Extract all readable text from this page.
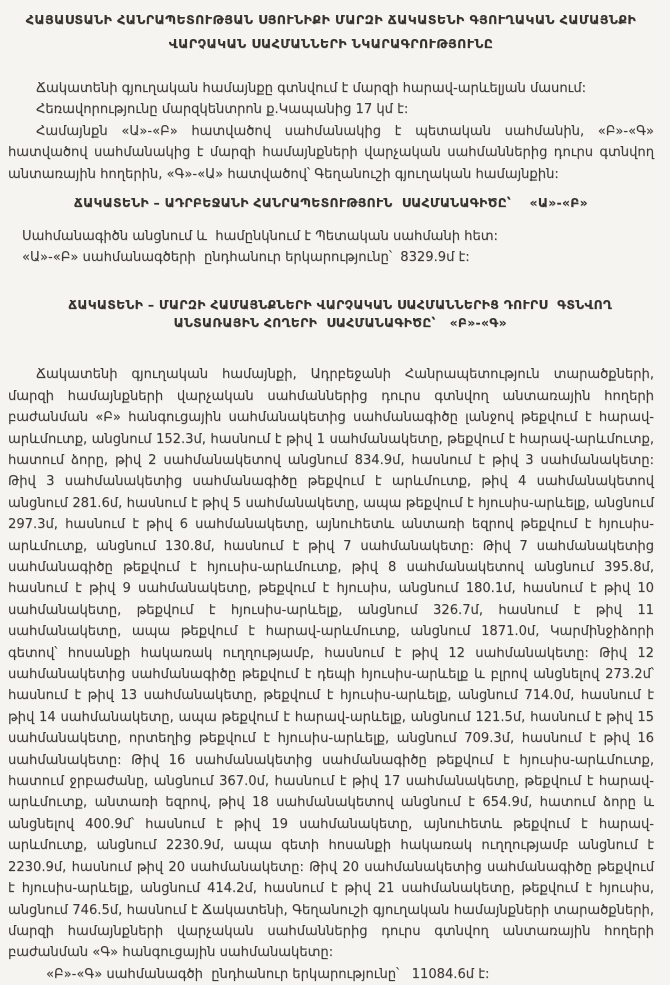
ՀԱՅԱՍՏԱՆԻ ՀԱՆՐԱՊԵՏՈՒԹՅԱՆ ՍՅՈՒՆԻՔԻ ՄԱՐԶԻ ՃԱԿԱՏԵՆԻ ԳՅՈՒՂԱԿԱՆ ՀԱՄԱՅՆՔԻ
ՎԱՐՉԱԿԱՆ ՍԱՀՄԱՆՆԵՐԻ ՆԿԱՐԱԳՐՈՒԹՅՈՒՆԸ

Ճակատենի գյուղական համայնքը գտնվում է մարզի հարավ-արևելյան մասում:

Հեռավորությունը մարզկենտրոն ք.Կապանից 17 կմ է:

Համայնքն «Ա»-«Բ» հատվածով սահմանակից է պետական սահմանին, «Բ»-«Գ» հատվածով սահմանակից է մարզի համայնքների վարչական սահմաններից դուրս գտնվող անտառային հողերին, «Գ»-«Ա» հատվածով՝ Գեղանուշի գյուղական համայնքին:

ՃԱԿԱՏԵՆԻ – ԱԴՐԲԵՋԱՆԻ ՀԱՆՐԱՊԵՏՈՒԹՅՈՒՆ  ՍԱՀՄԱՆԱԳԻԾԸ՝    «Ա»-«Բ»

Սահմանագիծն անցնում և  համընկնում է Պետական սահմանի հետ:

«Ա»-«Բ» սահմանագծերի  ընդհանուր երկարությունը՝  8329.9մ է:

ՃԱԿԱՏԵՆԻ – ՄԱՐԶԻ ՀԱՄԱՅՆՔՆԵՐԻ ՎԱՐՉԱԿԱՆ ՍԱՀՄԱՆՆԵՐԻՑ ԴՈՒՐՍ  ԳՏՆՎՈՂ
ԱՆՏԱՌԱՅԻՆ ՀՈՂԵՐԻ  ՍԱՀՄԱՆԱԳԻԾԸ՝   «Բ»-«Գ»

Ճակատենի գյուղական համայնքի, Ադրբեջանի Հանրապետություն տարածքների, մարզի համայնքների վարչական սահմաններից դուրս գտնվող անտառային հողերի բաժանման «Բ» հանգուցային սահմանակետից սահմանագիծը լանջով թեքվում է հարավ-արևմուտք, անցնում 152.3մ, հասնում է թիվ 1 սահմանակետը, թեքվում է հարավ-արևմուտք, հատում ձորը, թիվ 2 սահմանակետով անցնում 834.9մ, հասնում է թիվ 3 սահմանակետը: Թիվ 3 սահմանակետից սահմանագիծը թեքվում է արևմուտք, թիվ 4 սահմանակետով անցնում 281.6մ, հասնում է թիվ 5 սահմանակետը, ապա թեքվում է հյուսիս-արևելք, անցնում 297.3մ, հասնում է թիվ 6 սահմանակետը, այնուհետև անտառի եզրով թեքվում է հյուսիս-արևմուտք, անցնում 130.8մ, հասնում է թիվ 7 սահմանակետը: Թիվ 7 սահմանակետից սահմանագիծը թեքվում է հյուսիս-արևմուտք, թիվ 8 սահմանակետով անցնում 395.8մ, հասնում է թիվ 9 սահմանակետը, թեքվում է հյուսիս, անցնում 180.1մ, հասնում է թիվ 10 սահմանակետը, թեքվում է հյուսիս-արևելք, անցնում 326.7մ, հասնում է թիվ 11 սահմանակետը, ապա թեքվում է հարավ-արևմուտք, անցնում 1871.0մ, Կարմինջիձորի գետով՝ հոսանքի հակառակ ուղղությամբ, հասնում է թիվ 12 սահմանակետը: Թիվ 12 սահմանակետից սահմանագիծը թեքվում է դեպի հյուսիս-արևելք և բլրով անցնելով 273.2մ՝ հասնում է թիվ 13 սահմանակետը, թեքվում է հյուսիս-արևելք, անցնում 714.0մ, հասնում է թիվ 14 սահմանակետը, ապա թեքվում է հարավ-արևելք, անցնում 121.5մ, հասնում է թիվ 15 սահմանակետը, որտեղից թեքվում է հյուսիս-արևելք, անցնում 709.3մ, հասնում է թիվ 16 սահմանակետը: Թիվ 16 սահմանակետից սահմանագիծը թեքվում է հյուսիս-արևմուտք, հատում ջրբաժանը, անցնում 367.0մ, հասնում է թիվ 17 սահմանակետը, թեքվում է հարավ-արևմուտք, անտառի եզրով, թիվ 18 սահմանակետով անցնում է 654.9մ, հատում ձորը և անցնելով 400.9մ՝ հասնում է թիվ 19 սահմանակետը, այնուհետև թեքվում է հարավ-արևմուտք, անցնում 2230.9մ, ապա գետի հոսանքի հակառակ ուղղությամբ անցնում է 2230.9մ, հասնում թիվ 20 սահմանակետը: Թիվ 20 սահմանակետից սահմանագիծը թեքվում է հյուսիս-արևելք, անցնում 414.2մ, հասնում է թիվ 21 սահմանակետը, թեքվում է հյուսիս, անցնում 746.5մ, հասնում է Ճակատենի, Գեղանուշի գյուղական համայնքների տարածքների, մարզի համայնքների վարչական սահմաններից դուրս գտնվող անտառային հողերի բաժանման «Գ» հանգուցային սահմանակետը:

«Բ»-«Գ» սահմանագծի  ընդհանուր երկարությունը՝   11084.6մ է:
